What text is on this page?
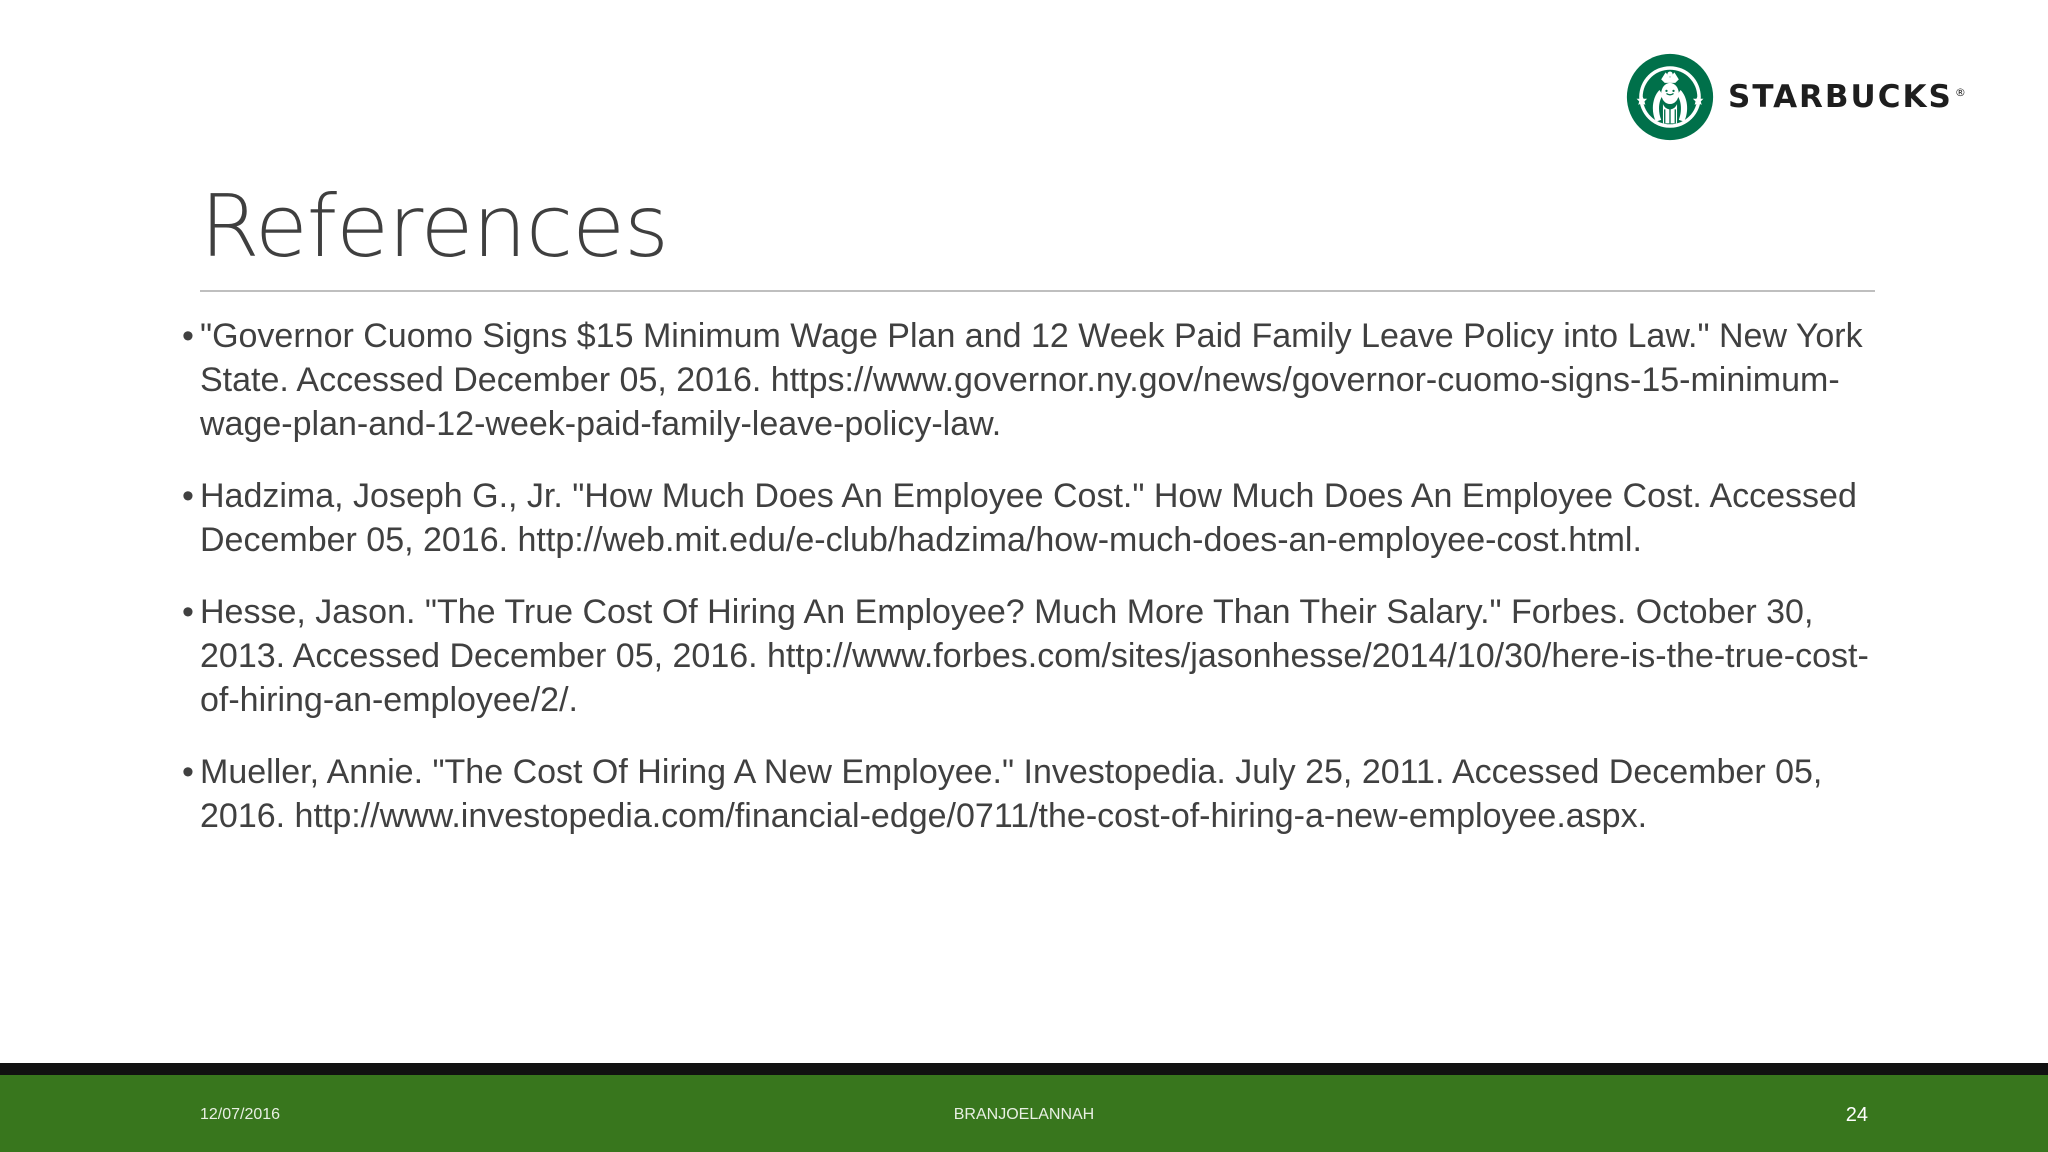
STARBUCKS ®
References
• "Governor Cuomo Signs $15 Minimum Wage Plan and 12 Week Paid Family Leave Policy into Law." New York State. Accessed December 05, 2016. https://www.governor.ny.gov/news/governor-cuomo-signs-15-minimum-wage-plan-and-12-week-paid-family-leave-policy-law.
• Hadzima, Joseph G., Jr. "How Much Does An Employee Cost." How Much Does An Employee Cost. Accessed December 05, 2016. http://web.mit.edu/e-club/hadzima/how-much-does-an-employee-cost.html.
• Hesse, Jason. "The True Cost Of Hiring An Employee? Much More Than Their Salary." Forbes. October 30, 2013. Accessed December 05, 2016. http://www.forbes.com/sites/jasonhesse/2014/10/30/here-is-the-true-cost-of-hiring-an-employee/2/.
• Mueller, Annie. "The Cost Of Hiring A New Employee." Investopedia. July 25, 2011. Accessed December 05, 2016. http://www.investopedia.com/financial-edge/0711/the-cost-of-hiring-a-new-employee.aspx.
12/07/2016	BRANJOELANNAH	24
